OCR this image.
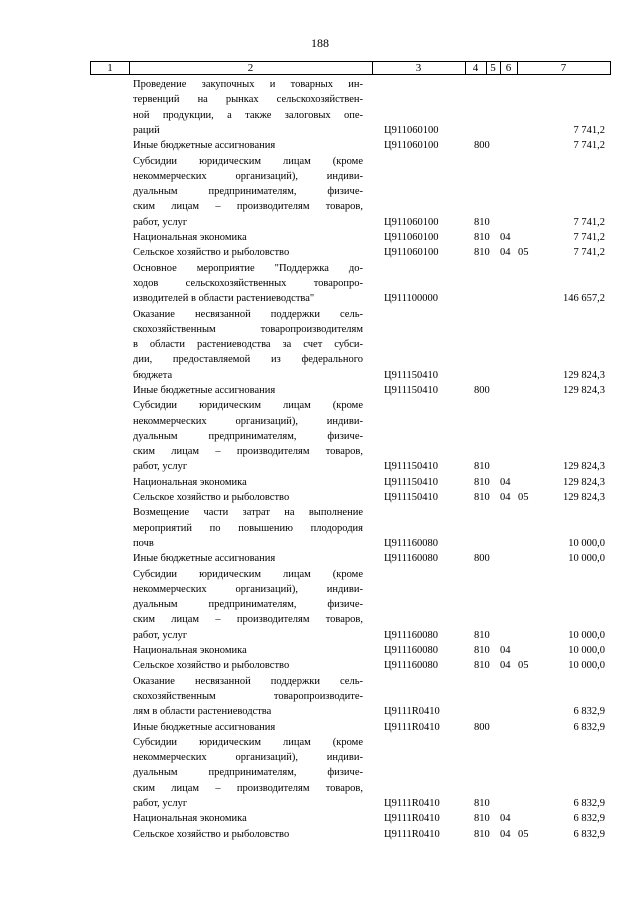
188
1	2	3	4	5 6	7
Проведение закупочных и товарных ин-
тервенций на рынках сельскохозяйствен-
ной продукции, а также залоговых опе-
раций	Ц911060100	7 741,2
Иные бюджетные ассигнования	Ц911060100	800	7 741,2
Субсидии юридическим лицам (кроме
некоммерческих организаций), индиви-
дуальным предпринимателям, физиче-
ским лицам – производителям товаров,
работ, услуг	Ц911060100	810	7 741,2
Национальная экономика	Ц911060100	810 04	7 741,2
Сельское хозяйство и рыболовство	Ц911060100	810 04 05	7 741,2
Основное мероприятие "Поддержка до-
ходов сельскохозяйственных товаропро-
изводителей в области растениеводства"	Ц911100000	146 657,2
Оказание несвязанной поддержки сель-
скохозяйственным товаропроизводителям
в области растениеводства за счет субси-
дии, предоставляемой из федерального
бюджета	Ц911150410	129 824,3
Иные бюджетные ассигнования	Ц911150410	800	129 824,3
Субсидии юридическим лицам (кроме
некоммерческих организаций), индиви-
дуальным предпринимателям, физиче-
ским лицам – производителям товаров,
работ, услуг	Ц911150410	810	129 824,3
Национальная экономика	Ц911150410	810 04	129 824,3
Сельское хозяйство и рыболовство	Ц911150410	810 04 05	129 824,3
Возмещение части затрат на выполнение
мероприятий по повышению плодородия
почв	Ц911160080	10 000,0
Иные бюджетные ассигнования	Ц911160080	800	10 000,0
Субсидии юридическим лицам (кроме
некоммерческих организаций), индиви-
дуальным предпринимателям, физиче-
ским лицам – производителям товаров,
работ, услуг	Ц911160080	810	10 000,0
Национальная экономика	Ц911160080	810 04	10 000,0
Сельское хозяйство и рыболовство	Ц911160080	810 04 05	10 000,0
Оказание несвязанной поддержки сель-
скохозяйственным товаропроизводите-
лям в области растениеводства	Ц9111R0410	6 832,9
Иные бюджетные ассигнования	Ц9111R0410	800	6 832,9
Субсидии юридическим лицам (кроме
некоммерческих организаций), индиви-
дуальным предпринимателям, физиче-
ским лицам – производителям товаров,
работ, услуг	Ц9111R0410	810	6 832,9
Национальная экономика	Ц9111R0410	810 04	6 832,9
Сельское хозяйство и рыболовство	Ц9111R0410	810 04 05	6 832,9
